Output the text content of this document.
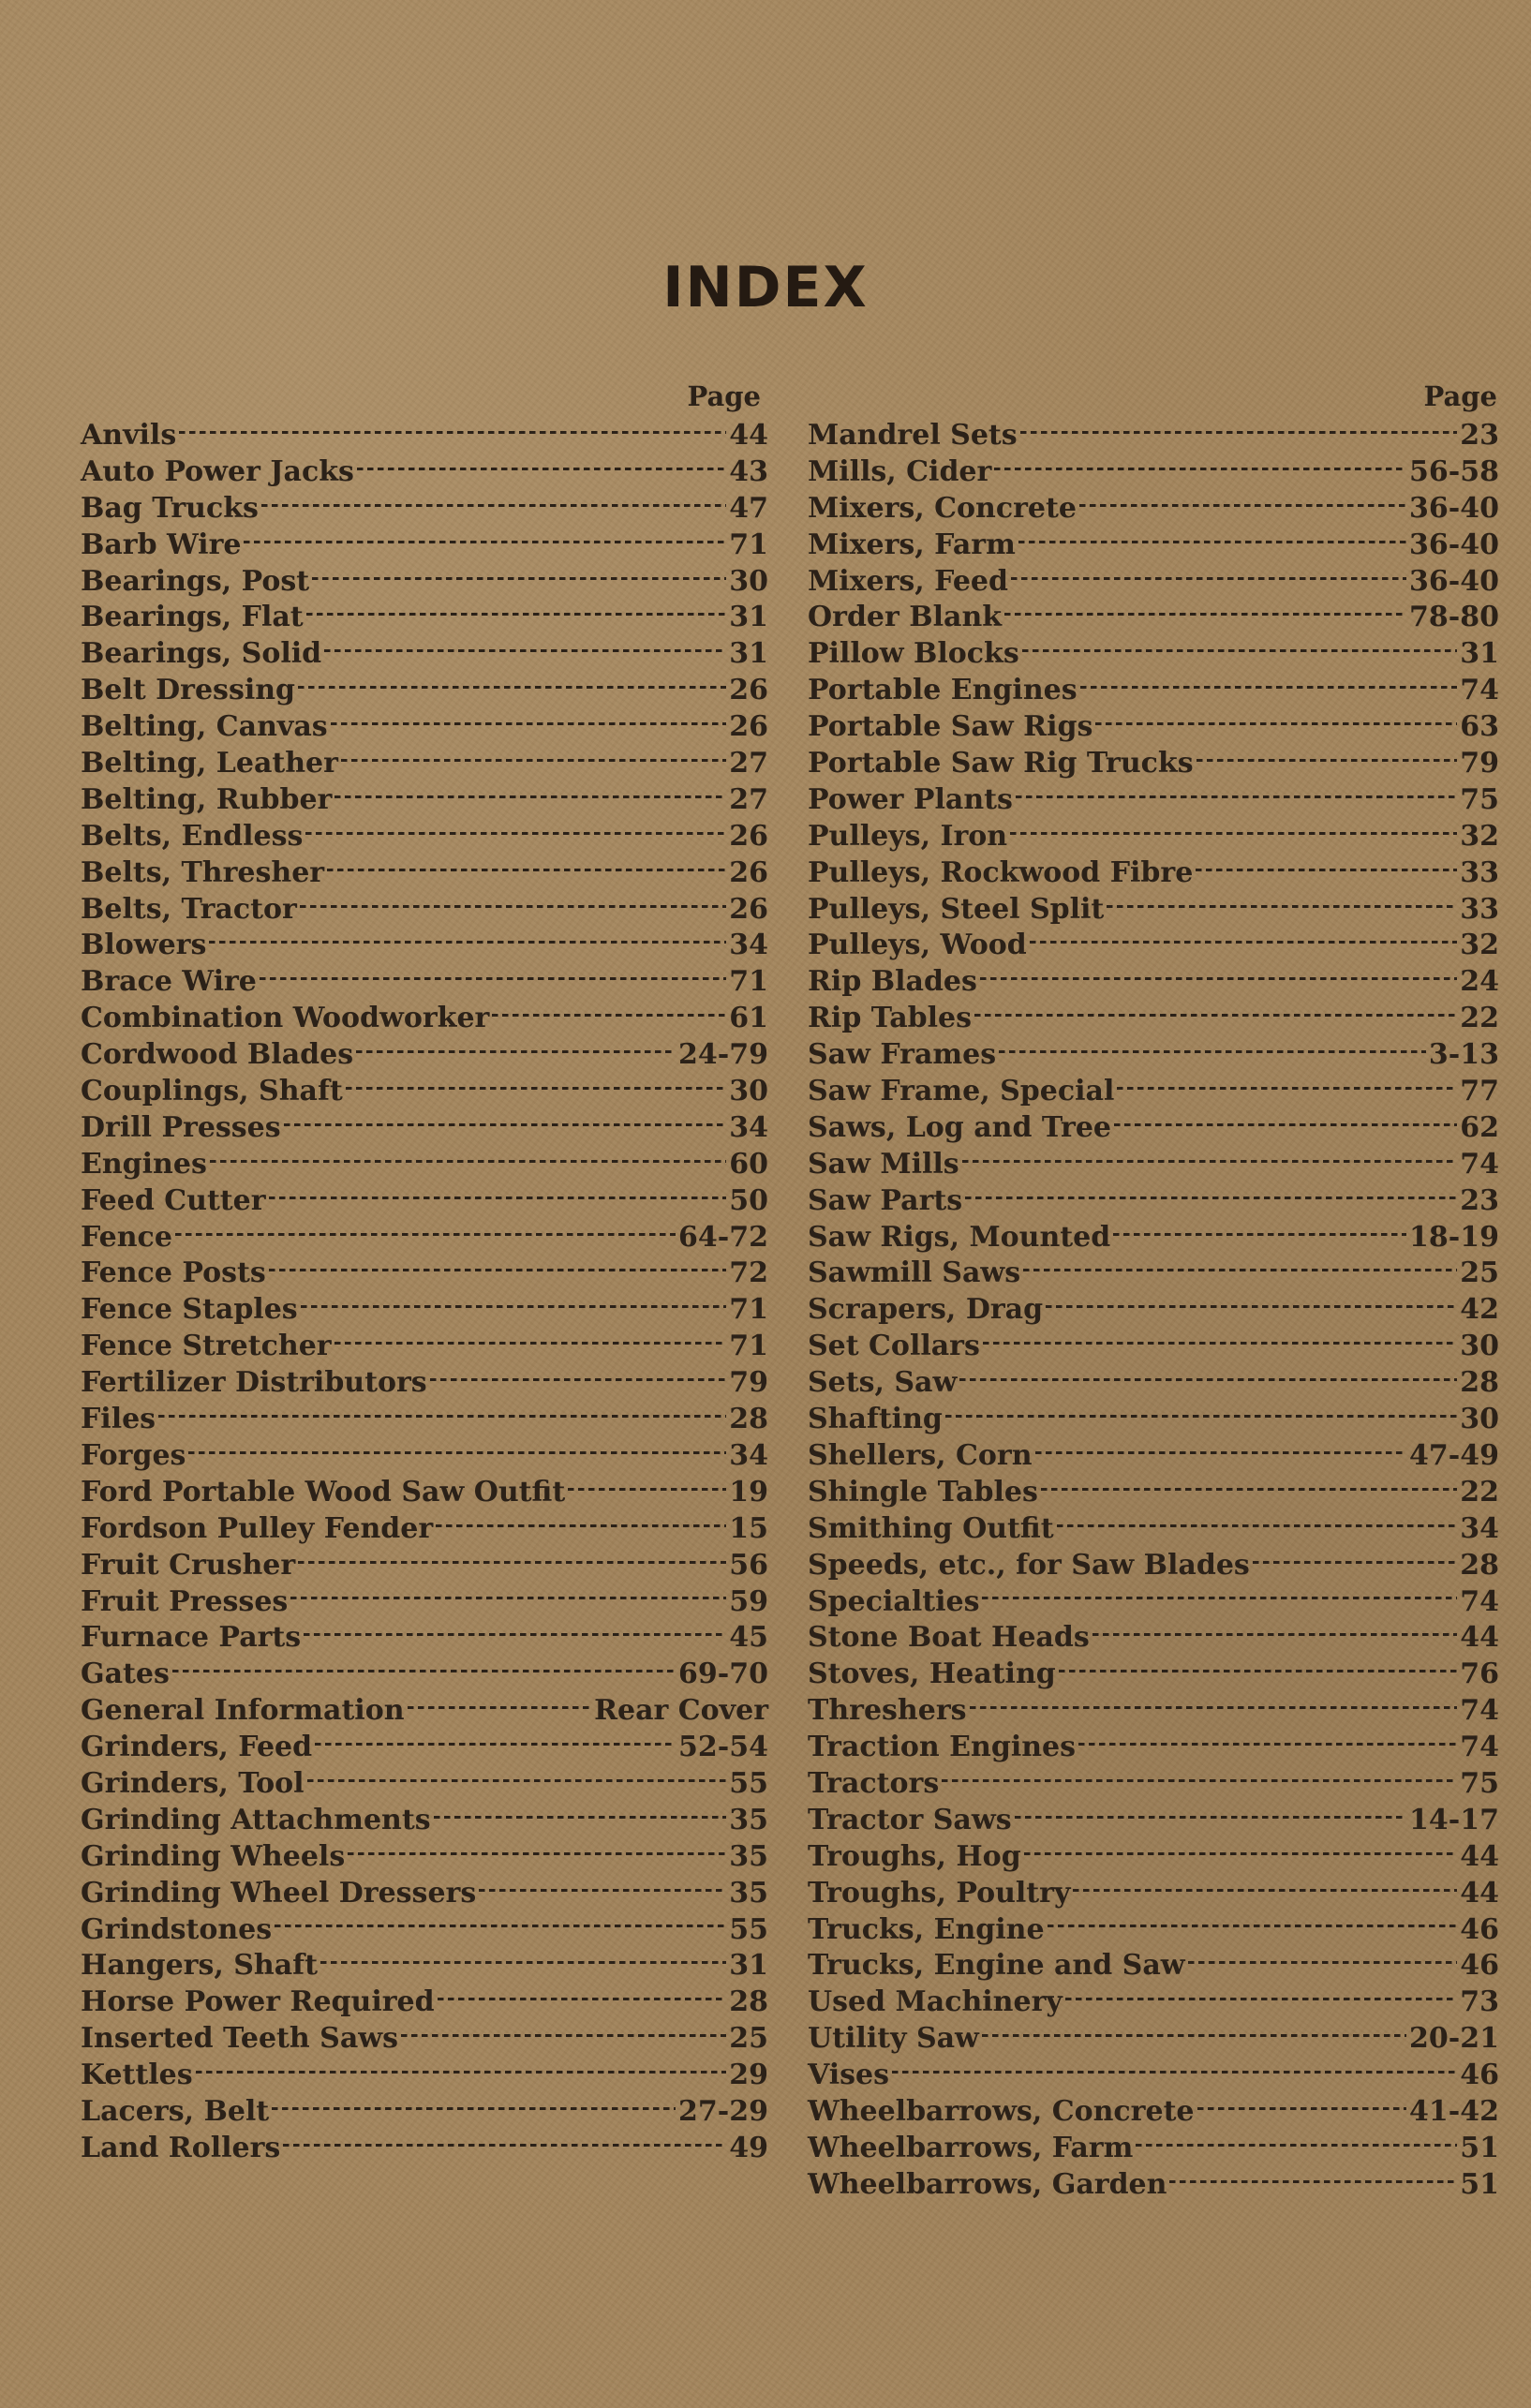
INDEX
Page
Anvils	44
Auto Power Jacks	43
Bag Trucks	47
Barb Wire	71
Bearings, Post	30
Bearings, Flat	31
Bearings, Solid	31
Belt Dressing	26
Belting, Canvas	26
Belting, Leather	27
Belting, Rubber	27
Belts, Endless	26
Belts, Thresher	26
Belts, Tractor	26
Blowers	34
Brace Wire	71
Combination Woodworker	61
Cordwood Blades	24-79
Couplings, Shaft	30
Drill Presses	34
Engines	60
Feed Cutter	50
Fence	64-72
Fence Posts	72
Fence Staples	71
Fence Stretcher	71
Fertilizer Distributors	79
Files	28
Forges	34
Ford Portable Wood Saw Outfit	19
Fordson Pulley Fender	15
Fruit Crusher	56
Fruit Presses	59
Furnace Parts	45
Gates	69-70
General Information	Rear Cover
Grinders, Feed	52-54
Grinders, Tool	55
Grinding Attachments	35
Grinding Wheels	35
Grinding Wheel Dressers	35
Grindstones	55
Hangers, Shaft	31
Horse Power Required	28
Inserted Teeth Saws	25
Kettles	29
Lacers, Belt	27-29
Land Rollers	49
Page
Mandrel Sets	23
Mills, Cider	56-58
Mixers, Concrete	36-40
Mixers, Farm	36-40
Mixers, Feed	36-40
Order Blank	78-80
Pillow Blocks	31
Portable Engines	74
Portable Saw Rigs	63
Portable Saw Rig Trucks	79
Power Plants	75
Pulleys, Iron	32
Pulleys, Rockwood Fibre	33
Pulleys, Steel Split	33
Pulleys, Wood	32
Rip Blades	24
Rip Tables	22
Saw Frames	3-13
Saw Frame, Special	77
Saws, Log and Tree	62
Saw Mills	74
Saw Parts	23
Saw Rigs, Mounted	18-19
Sawmill Saws	25
Scrapers, Drag	42
Set Collars	30
Sets, Saw	28
Shafting	30
Shellers, Corn	47-49
Shingle Tables	22
Smithing Outfit	34
Speeds, etc., for Saw Blades	28
Specialties	74
Stone Boat Heads	44
Stoves, Heating	76
Threshers	74
Traction Engines	74
Tractors	75
Tractor Saws	14-17
Troughs, Hog	44
Troughs, Poultry	44
Trucks, Engine	46
Trucks, Engine and Saw	46
Used Machinery	73
Utility Saw	20-21
Vises	46
Wheelbarrows, Concrete	41-42
Wheelbarrows, Farm	51
Wheelbarrows, Garden	51
